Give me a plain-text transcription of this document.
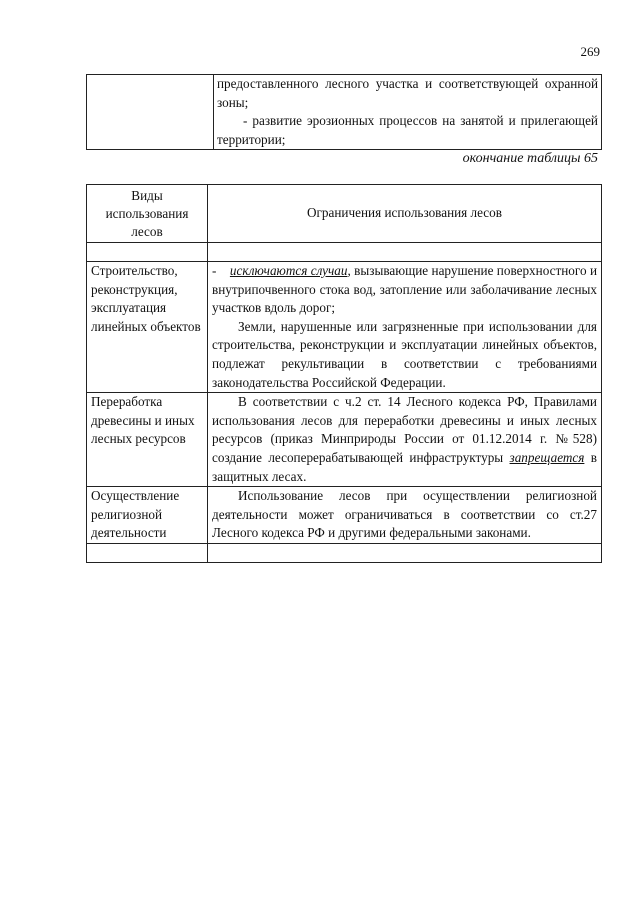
269

предоставленного лесного участка и соответствующей охранной зоны;
- развитие эрозионных процессов на занятой и прилегающей территории;
окончание таблицы 65
Виды использования лесов	Ограничения использования лесов

Строительство, реконструкция, эксплуатация линейных объектов	- исключаются случаи, вызывающие нарушение поверхностного и внутрипочвенного стока вод, затопление или заболачивание лесных участков вдоль дорог;
Земли, нарушенные или загрязненные при использовании для строительства, реконструкции и эксплуатации линейных объектов, подлежат рекультивации в соответствии с требованиями законодательства Российской Федерации.

Переработка древесины и иных лесных ресурсов	В соответствии с ч.2 ст. 14 Лесного кодекса РФ, Правилами использования лесов для переработки древесины и иных лесных ресурсов (приказ Минприроды России от 01.12.2014 г. №528) создание лесоперерабатывающей инфраструктуры запрещается в защитных лесах.

Осуществление религиозной деятельности	Использование лесов при осуществлении религиозной деятельности может ограничиваться в соответствии со ст.27 Лесного кодекса РФ и другими федеральными законами.
